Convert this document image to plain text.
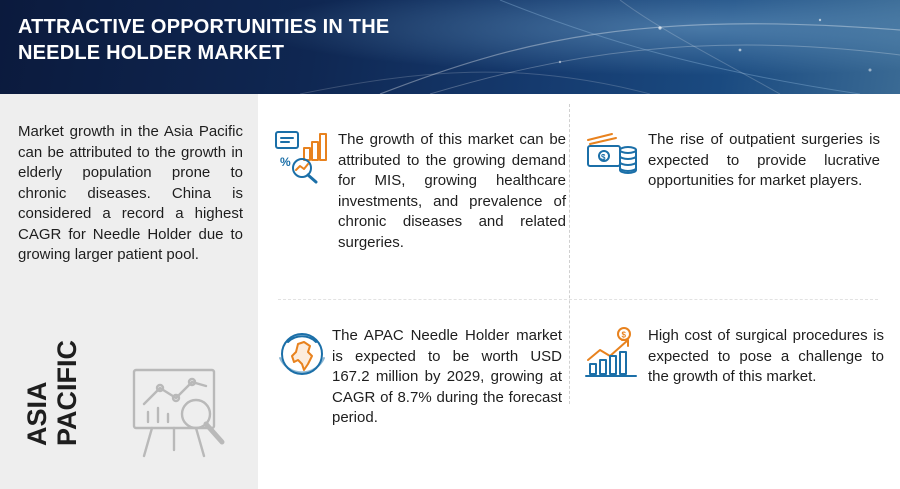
ATTRACTIVE OPPORTUNITIES IN THE NEEDLE HOLDER MARKET
Market growth in the Asia Pacific can be attributed to the growth in elderly population prone to chronic diseases. China is considered a record a highest CAGR for Needle Holder due to growing larger patient pool.
ASIA PACIFIC
%
The growth of this market can be attributed to the growing demand for MIS, growing healthcare investments, and prevalence of chronic diseases and related surgeries.
$
The rise of outpatient surgeries is expected to provide lucrative opportunities for market players.
The APAC Needle Holder market is expected to be worth USD 167.2 million by 2029, growing at CAGR of 8.7% during the forecast period.
$ High cost of surgical procedures is expected to pose a challenge to the growth of this market.
